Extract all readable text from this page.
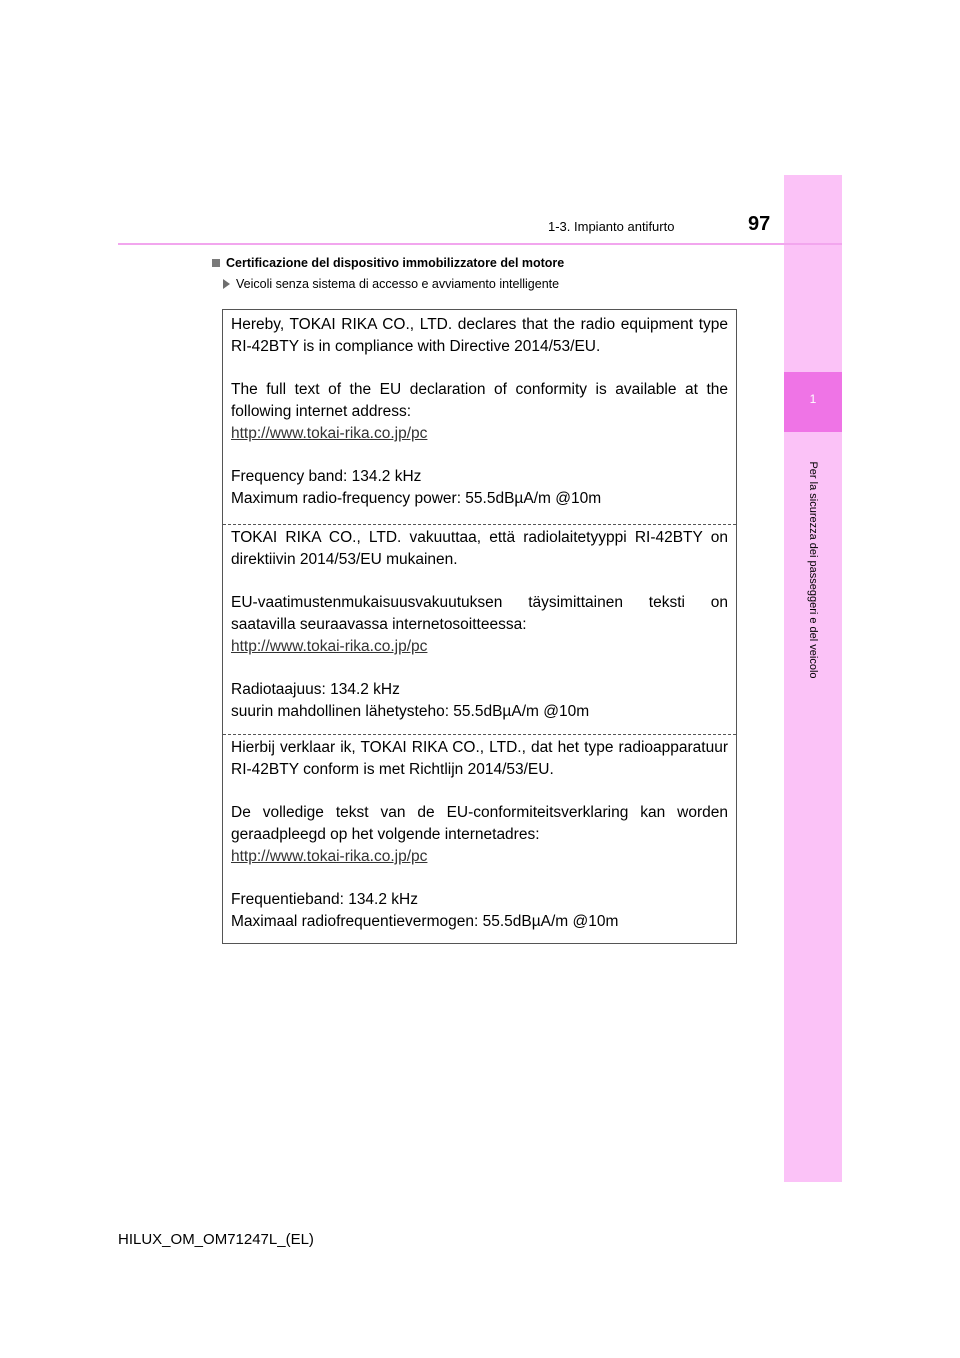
1
Per la sicurezza dei passeggeri e del veicolo
1-3. Impianto antifurto	97
Certificazione del dispositivo immobilizzatore del motore
Veicoli senza sistema di accesso e avviamento intelligente

Hereby, TOKAI RIKA CO., LTD. declares that the radio equipment type RI-42BTY is in compliance with Directive 2014/53/EU.

The full text of the EU declaration of conformity is available at the following internet address:

http://www.tokai-rika.co.jp/pc

Frequency band: 134.2 kHz

Maximum radio-frequency power: 55.5dBµA/m @10m

TOKAI RIKA CO., LTD. vakuuttaa, että radiolaitetyyppi RI-42BTY on direktiivin 2014/53/EU mukainen.

EU-vaatimustenmukaisuusvakuutuksen täysimittainen teksti on saatavilla seuraavassa internetosoitteessa:

http://www.tokai-rika.co.jp/pc

Radiotaajuus: 134.2 kHz

suurin mahdollinen lähetysteho: 55.5dBµA/m @10m

Hierbij verklaar ik, TOKAI RIKA CO., LTD., dat het type radioapparatuur RI-42BTY conform is met Richtlijn 2014/53/EU.

De volledige tekst van de EU-conformiteitsverklaring kan worden geraadpleegd op het volgende internetadres:

http://www.tokai-rika.co.jp/pc

Frequentieband: 134.2 kHz

Maximaal radiofrequentievermogen: 55.5dBµA/m @10m

HILUX_OM_OM71247L_(EL)
